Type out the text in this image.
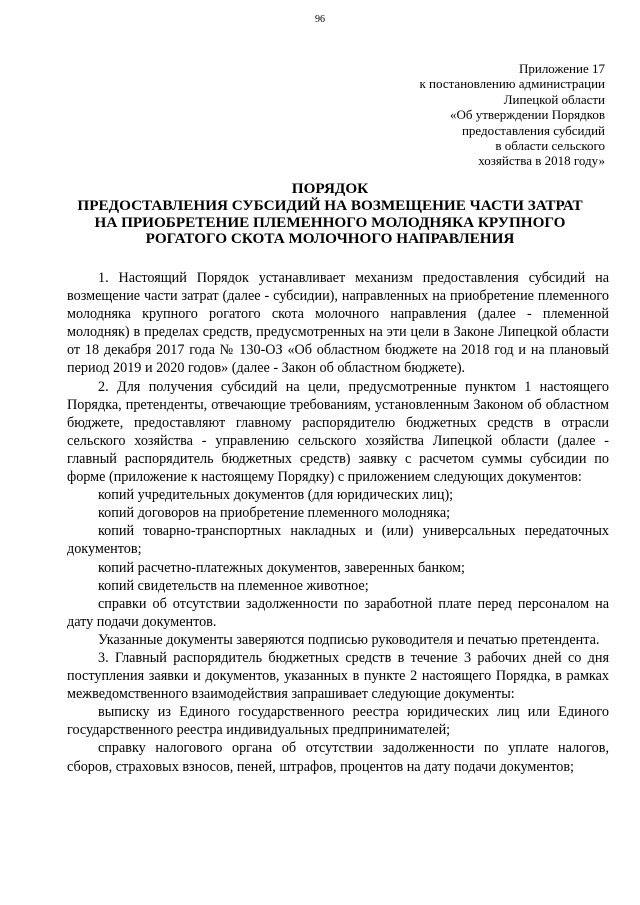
96
Приложение 17
к постановлению администрации
Липецкой области
«Об утверждении Порядков
предоставления субсидий
в области сельского
хозяйства в 2018 году»
ПОРЯДОК
ПРЕДОСТАВЛЕНИЯ СУБСИДИЙ НА ВОЗМЕЩЕНИЕ ЧАСТИ ЗАТРАТ
НА ПРИОБРЕТЕНИЕ ПЛЕМЕННОГО МОЛОДНЯКА КРУПНОГО
РОГАТОГО СКОТА МОЛОЧНОГО НАПРАВЛЕНИЯ

1. Настоящий Порядок устанавливает механизм предоставления субсидий на возмещение части затрат (далее - субсидии), направленных на приобретение племенного молодняка крупного рогатого скота молочного направления (далее - племенной молодняк) в пределах средств, предусмотренных на эти цели в Законе Липецкой области от 18 декабря 2017 года № 130-ОЗ «Об областном бюджете на 2018 год и на плановый период 2019 и 2020 годов» (далее - Закон об областном бюджете).

2. Для получения субсидий на цели, предусмотренные пунктом 1 настоящего Порядка, претенденты, отвечающие требованиям, установленным Законом об областном бюджете, предоставляют главному распорядителю бюджетных средств в отрасли сельского хозяйства - управлению сельского хозяйства Липецкой области (далее - главный распорядитель бюджетных средств) заявку с расчетом суммы субсидии по форме (приложение к настоящему Порядку) с приложением следующих документов:

копий учредительных документов (для юридических лиц);

копий договоров на приобретение племенного молодняка;

копий товарно-транспортных накладных и (или) универсальных передаточных документов;

копий расчетно-платежных документов, заверенных банком;

копий свидетельств на племенное животное;

справки об отсутствии задолженности по заработной плате перед персоналом на дату подачи документов.

Указанные документы заверяются подписью руководителя и печатью претендента.

3. Главный распорядитель бюджетных средств в течение 3 рабочих дней со дня поступления заявки и документов, указанных в пункте 2 настоящего Порядка, в рамках межведомственного взаимодействия запрашивает следующие документы:

выписку из Единого государственного реестра юридических лиц или Единого государственного реестра индивидуальных предпринимателей;

справку налогового органа об отсутствии задолженности по уплате налогов, сборов, страховых взносов, пеней, штрафов, процентов на дату подачи документов;
